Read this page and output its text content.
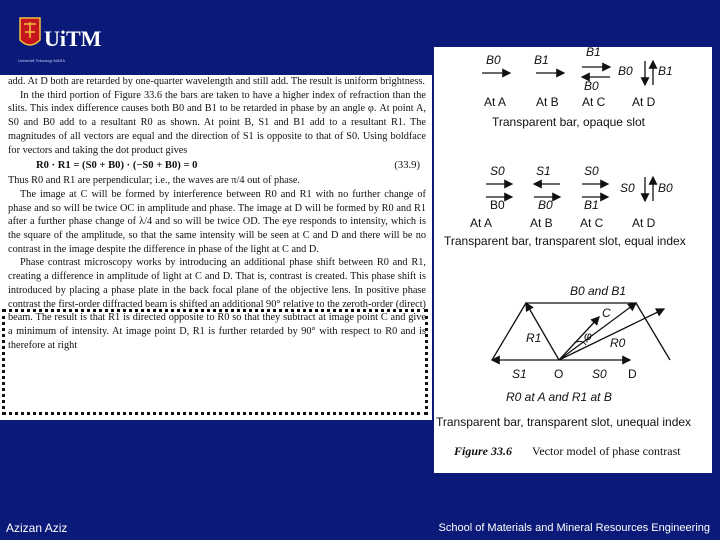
UiTM
Universiti Teknologi MARA

add. At D both are retarded by one-quarter wavelength and still add. The result is uniform brightness.

In the third portion of Figure 33.6 the bars are taken to have a higher index of refraction than the slits. This index difference causes both B0 and B1 to be retarded in phase by an angle φ. At point A, S0 and B0 add to a resultant R0 as shown. At point B, S1 and B1 add to a resultant R1. The magnitudes of all vectors are equal and the direction of S1 is opposite to that of S0. Using boldface for vectors and taking the dot product gives

R0 · R1 = (S0 + B0) · (−S0 + B0) = 0	(33.9)

Thus R0 and R1 are perpendicular; i.e., the waves are π/4 out of phase.

The image at C will be formed by interference between R0 and R1 with no further change of phase and so will be twice OC in amplitude and phase. The image at D will be formed by R0 and R1 after a further phase change of λ/4 and so will be twice OD. The eye responds to intensity, which is the square of the amplitude, so that the same intensity will be seen at C and D and there will be no contrast in the image despite the difference in phase of the light at C and D.

Phase contrast microscopy works by introducing an additional phase shift between R0 and R1, creating a difference in amplitude of light at C and D. That is, contrast is created. This phase shift is introduced by placing a phase plate in the back focal plane of the objective lens. In positive phase contrast the first-order diffracted beam is shifted an additional 90° relative to the zeroth-order (direct) beam. The result is that R1 is directed opposite to R0 so that they subtract at image point C and give a minimum of intensity. At image point D, R1 is further retarded by 90° with respect to R0 and is therefore at right

B0	B1
B1
B0
B0 B1
At A At B At C At D
Transparent bar, opaque slot
S0	S1	S0
B0
S0
B0	B1
B0
At A	At B At C At D
Transparent bar, transparent slot, equal index
B0 and B1
C
R1	φ R0
S1 O S0 D
R0 at A and R1 at B
Transparent bar, transparent slot, unequal index
Figure 33.6 Vector model of phase contrast
Azizan Aziz	School of Materials and Mineral Resources Engineering
